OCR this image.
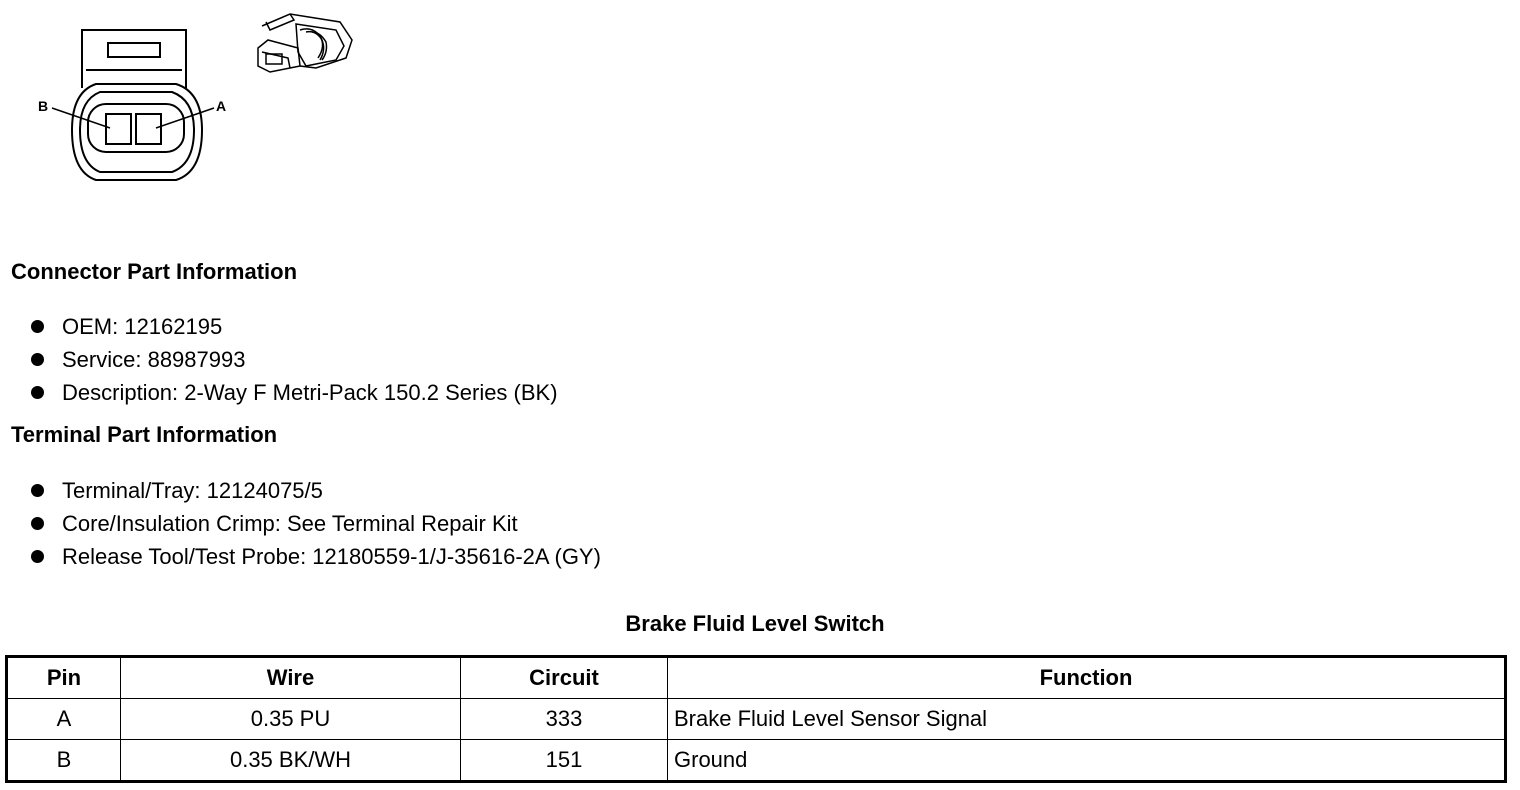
B	A
Connector Part Information
OEM: 12162195
Service: 88987993
Description: 2-Way F Metri-Pack 150.2 Series (BK)
Terminal Part Information
Terminal/Tray: 12124075/5
Core/Insulation Crimp: See Terminal Repair Kit
Release Tool/Test Probe: 12180559-1/J-35616-2A (GY)
Brake Fluid Level Switch
Pin	Wire	Circuit	Function
A	0.35 PU	333	Brake Fluid Level Sensor Signal
B	0.35 BK/WH	151	Ground
